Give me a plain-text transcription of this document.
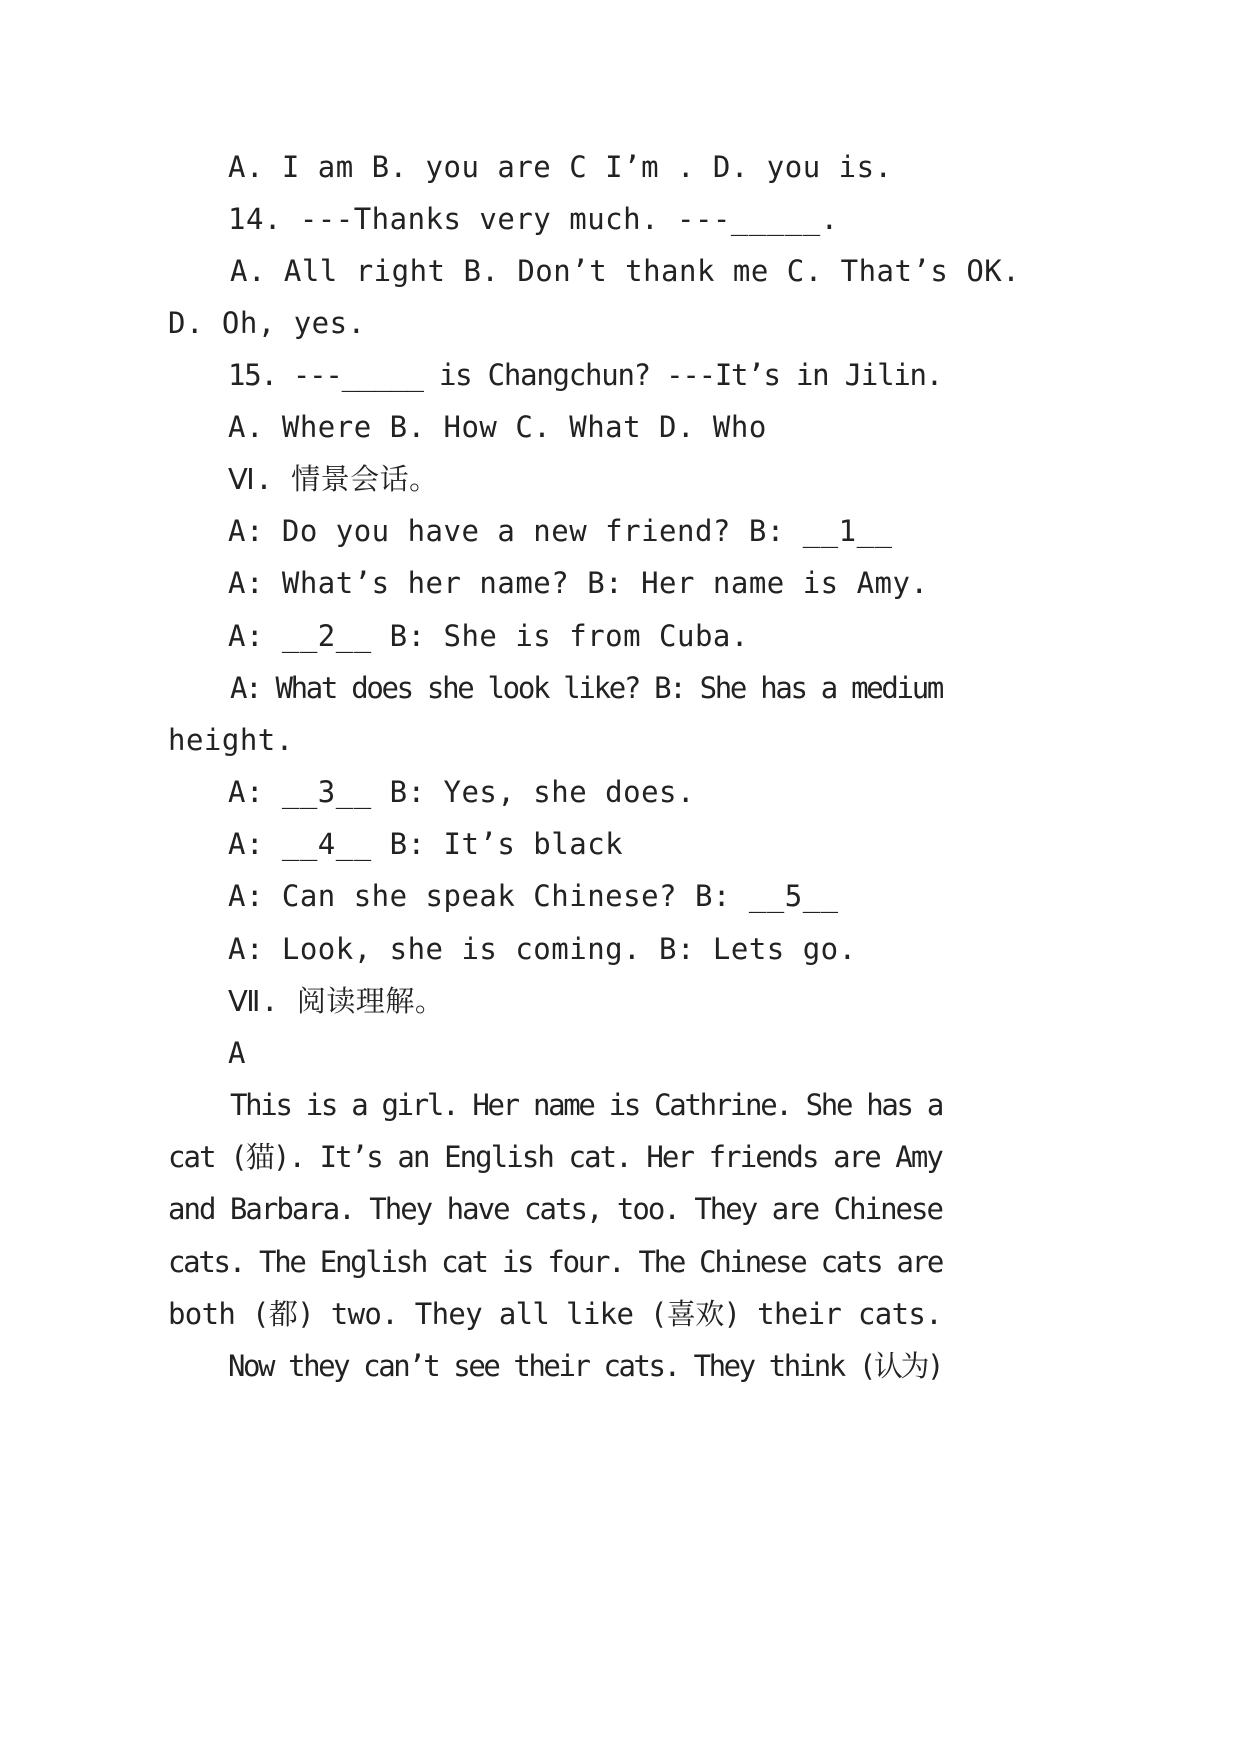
A. I am B. you are C I’m . D. you is.
14. ---Thanks very much. ---_____.
A. All right B. Don’t thank me C. That’s OK.
D. Oh, yes.
15. ---_____ is Changchun? ---It’s in Jilin.
A. Where B. How C. What D. Who
Ⅵ. 情景会话。
A: Do you have a new friend? B: __1__
A: What’s her name? B: Her name is Amy.
A: __2__ B: She is from Cuba.
A: What does she look like? B: She has a medium
height.
A: __3__ B: Yes, she does.
A: __4__ B: It’s black
A: Can she speak Chinese? B: __5__
A: Look, she is coming. B: Lets go.
Ⅶ. 阅读理解。
A
This is a girl. Her name is Cathrine. She has a
cat (猫). It’s an English cat. Her friends are Amy
and Barbara. They have cats, too. They are Chinese
cats. The English cat is four. The Chinese cats are
both (都) two. They all like (喜欢) their cats.
Now they can’t see their cats. They think (认为)
